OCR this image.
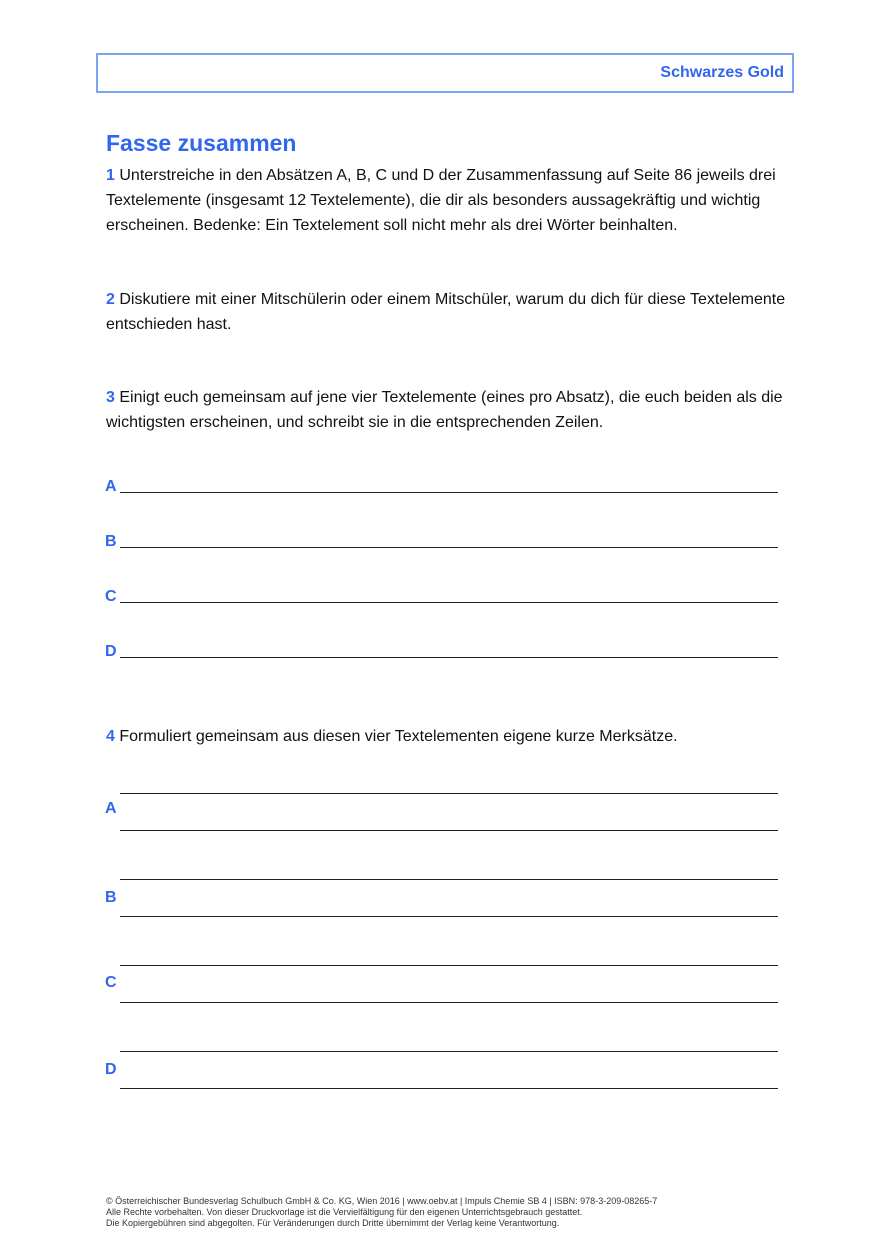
Schwarzes Gold
Fasse zusammen
1 Unterstreiche in den Absätzen A, B, C und D der Zusammenfassung auf Seite 86 jeweils drei Textelemente (insgesamt 12 Textelemente), die dir als besonders aussagekräftig und wichtig erscheinen. Bedenke: Ein Textelement soll nicht mehr als drei Wörter beinhalten.
2 Diskutiere mit einer Mitschülerin oder einem Mitschüler, warum du dich für diese Textelemente entschieden hast.
3 Einigt euch gemeinsam auf jene vier Textelemente (eines pro Absatz), die euch beiden als die wichtigsten erscheinen, und schreibt sie in die entsprechenden Zeilen.
A
B
C
D
4 Formuliert gemeinsam aus diesen vier Textelementen eigene kurze Merksätze.
A
B
C
D
© Österreichischer Bundesverlag Schulbuch GmbH & Co. KG, Wien 2016 | www.oebv.at | Impuls Chemie SB 4 | ISBN: 978-3-209-08265-7
Alle Rechte vorbehalten. Von dieser Druckvorlage ist die Vervielfältigung für den eigenen Unterrichtsgebrauch gestattet.
Die Kopiergebühren sind abgegolten. Für Veränderungen durch Dritte übernimmt der Verlag keine Verantwortung.
